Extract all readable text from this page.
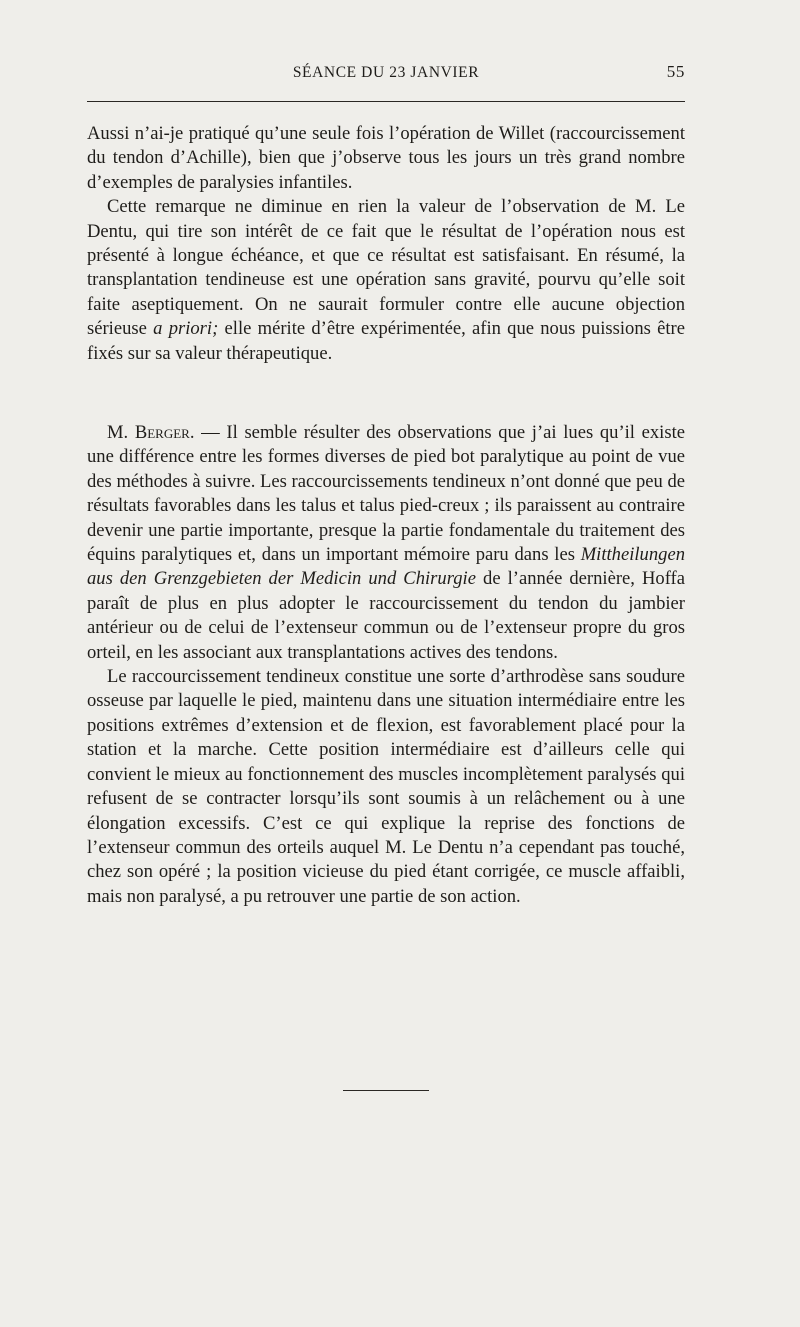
SÉANCE DU 23 JANVIER	55

Aussi n’ai-je pratiqué qu’une seule fois l’opération de Willet (raccourcissement du tendon d’Achille), bien que j’observe tous les jours un très grand nombre d’exemples de paralysies infantiles.

Cette remarque ne diminue en rien la valeur de l’observation de M. Le Dentu, qui tire son intérêt de ce fait que le résultat de l’opération nous est présenté à longue échéance, et que ce résultat est satisfaisant. En résumé, la transplantation tendineuse est une opération sans gravité, pourvu qu’elle soit faite aseptiquement. On ne saurait formuler contre elle aucune objection sérieuse a priori; elle mérite d’être expérimentée, afin que nous puissions être fixés sur sa valeur thérapeutique.

M. Berger. — Il semble résulter des observations que j’ai lues qu’il existe une différence entre les formes diverses de pied bot paralytique au point de vue des méthodes à suivre. Les raccourcissements tendineux n’ont donné que peu de résultats favorables dans les talus et talus pied-creux ; ils paraissent au contraire devenir une partie importante, presque la partie fondamentale du traitement des équins paralytiques et, dans un important mémoire paru dans les Mittheilungen aus den Grenzgebieten der Medicin und Chirurgie de l’année dernière, Hoffa paraît de plus en plus adopter le raccourcissement du tendon du jambier antérieur ou de celui de l’extenseur commun ou de l’extenseur propre du gros orteil, en les associant aux transplantations actives des tendons.

Le raccourcissement tendineux constitue une sorte d’arthrodèse sans soudure osseuse par laquelle le pied, maintenu dans une situation intermédiaire entre les positions extrêmes d’extension et de flexion, est favorablement placé pour la station et la marche. Cette position intermédiaire est d’ailleurs celle qui convient le mieux au fonctionnement des muscles incomplètement paralysés qui refusent de se contracter lorsqu’ils sont soumis à un relâchement ou à une élongation excessifs. C’est ce qui explique la reprise des fonctions de l’extenseur commun des orteils auquel M. Le Dentu n’a cependant pas touché, chez son opéré ; la position vicieuse du pied étant corrigée, ce muscle affaibli, mais non paralysé, a pu retrouver une partie de son action.
